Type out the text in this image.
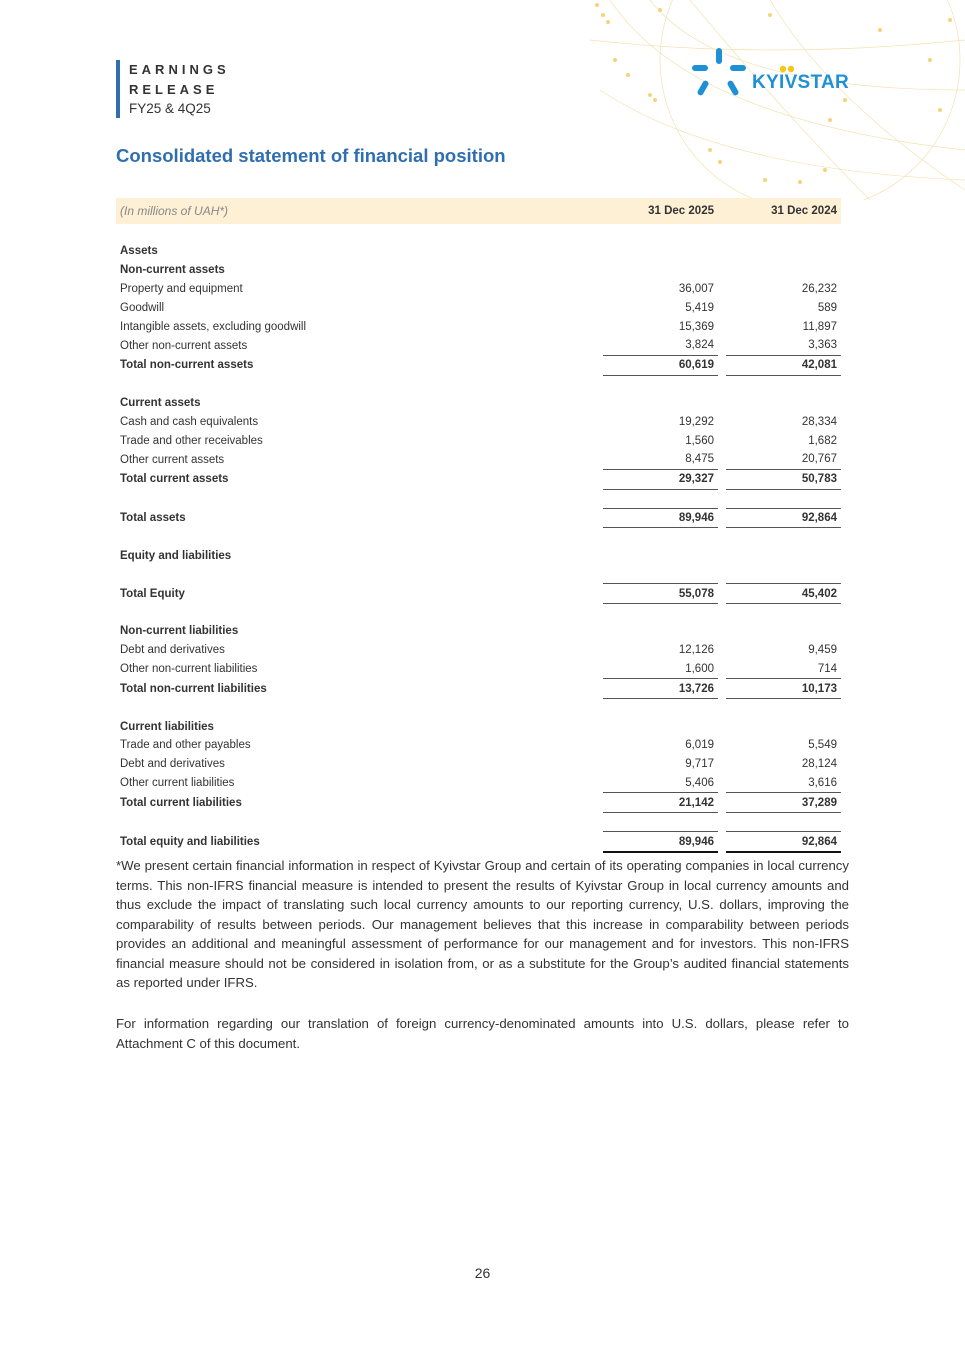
EARNINGS
RELEASE
FY25 & 4Q25
KYIVSTAR
Consolidated statement of financial position
(In millions of UAH*)	31 Dec 2025		31 Dec 2024

Assets			
Non-current assets			
Property and equipment	36,007		26,232
Goodwill	5,419		589
Intangible assets, excluding goodwill	15,369		11,897
Other non-current assets	3,824		3,363
Total non-current assets	60,619		42,081

Current assets			
Cash and cash equivalents	19,292		28,334
Trade and other receivables	1,560		1,682
Other current assets	8,475		20,767
Total current assets	29,327		50,783

Total assets	89,946		92,864

Equity and liabilities			

Total Equity	55,078		45,402

Non-current liabilities			
Debt and derivatives	12,126		9,459
Other non-current liabilities	1,600		714
Total non-current liabilities	13,726		10,173

Current liabilities			
Trade and other payables	6,019		5,549
Debt and derivatives	9,717		28,124
Other current liabilities	5,406		3,616
Total current liabilities	21,142		37,289

Total equity and liabilities	89,946		92,864

*We present certain financial information in respect of Kyivstar Group and certain of its operating companies in local currency terms. This non-IFRS financial measure is intended to present the results of Kyivstar Group in local currency amounts and thus exclude the impact of translating such local currency amounts to our reporting currency, U.S. dollars, improving the comparability of results between periods. Our management believes that this increase in comparability between periods provides an additional and meaningful assessment of performance for our management and for investors. This non-IFRS financial measure should not be considered in isolation from, or as a substitute for the Group’s audited financial statements as reported under IFRS.

For information regarding our translation of foreign currency-denominated amounts into U.S. dollars, please refer to Attachment C of this document.

26
